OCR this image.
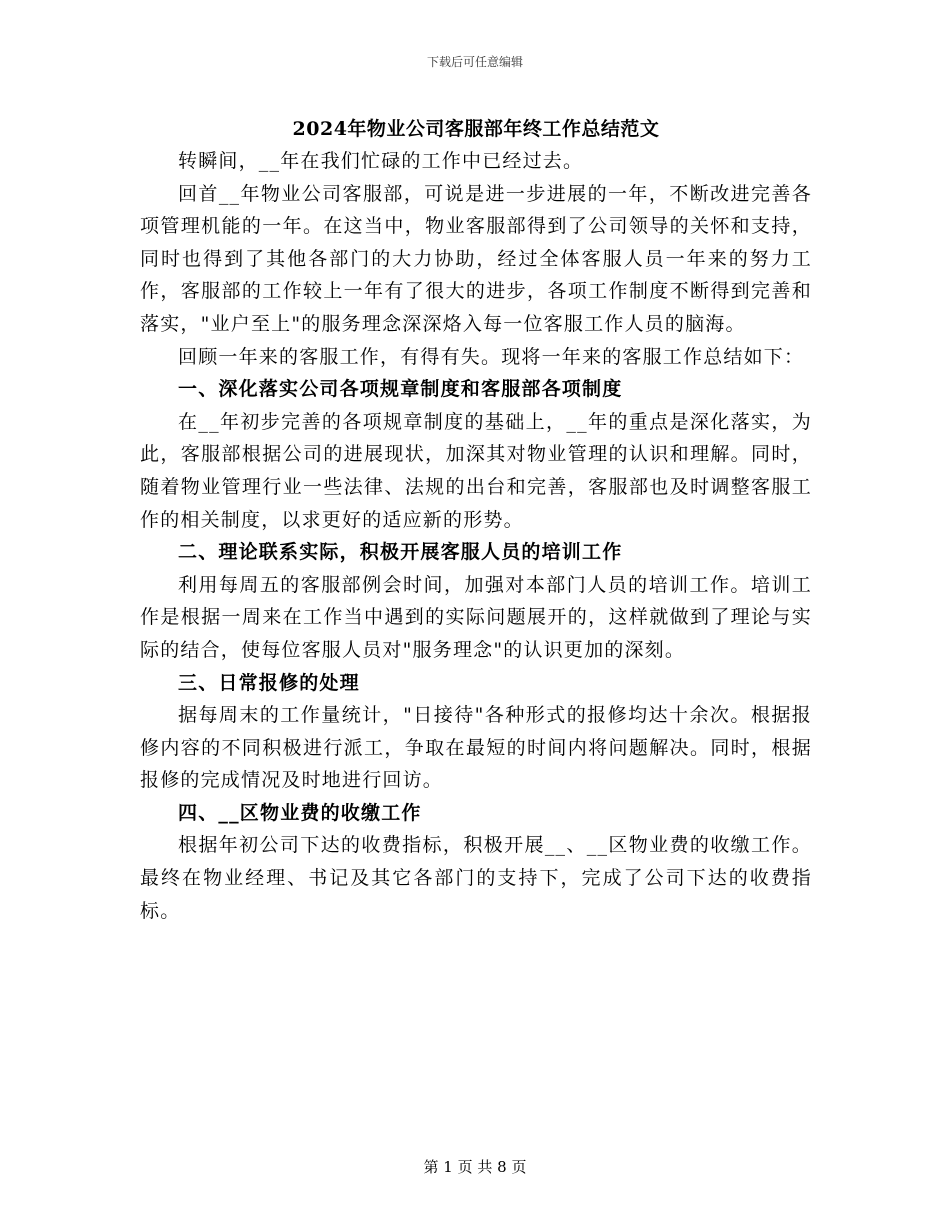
下载后可任意编辑
2024年物业公司客服部年终工作总结范文

转瞬间，__年在我们忙碌的工作中已经过去。

回首__年物业公司客服部，可说是进一步进展的一年，不断改进完善各项管理机能的一年。在这当中，物业客服部得到了公司领导的关怀和支持，同时也得到了其他各部门的大力协助，经过全体客服人员一年来的努力工作，客服部的工作较上一年有了很大的进步，各项工作制度不断得到完善和落实，"业户至上"的服务理念深深烙入每一位客服工作人员的脑海。

回顾一年来的客服工作，有得有失。现将一年来的客服工作总结如下：

一、深化落实公司各项规章制度和客服部各项制度

在__年初步完善的各项规章制度的基础上，__年的重点是深化落实，为此，客服部根据公司的进展现状，加深其对物业管理的认识和理解。同时，随着物业管理行业一些法律、法规的出台和完善，客服部也及时调整客服工作的相关制度，以求更好的适应新的形势。

二、理论联系实际，积极开展客服人员的培训工作

利用每周五的客服部例会时间，加强对本部门人员的培训工作。培训工作是根据一周来在工作当中遇到的实际问题展开的，这样就做到了理论与实际的结合，使每位客服人员对"服务理念"的认识更加的深刻。

三、日常报修的处理

据每周末的工作量统计，"日接待"各种形式的报修均达十余次。根据报修内容的不同积极进行派工，争取在最短的时间内将问题解决。同时，根据报修的完成情况及时地进行回访。

四、__区物业费的收缴工作

根据年初公司下达的收费指标，积极开展__、__区物业费的收缴工作。最终在物业经理、书记及其它各部门的支持下，完成了公司下达的收费指标。

第 1 页 共 8 页
